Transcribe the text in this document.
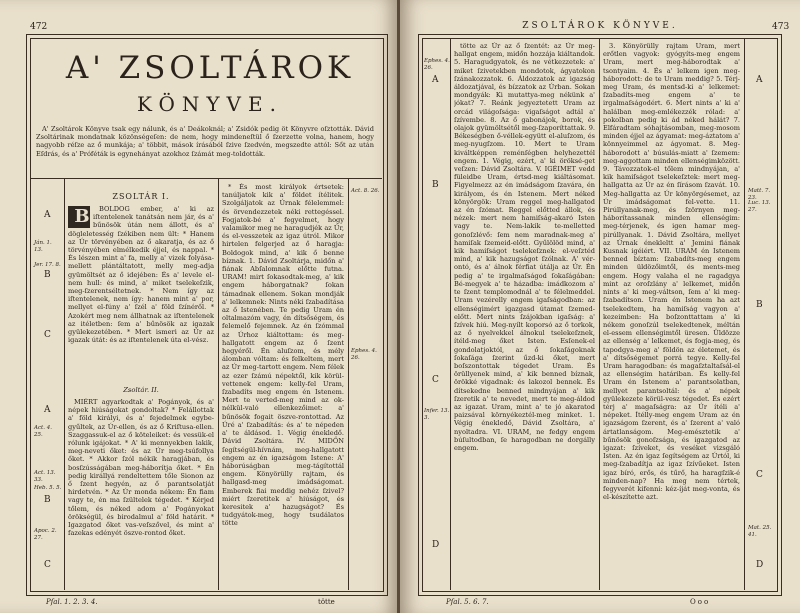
472
A' ZSOLTÁROK
KÖNYVE.

A' Zsoltárok Könyve tsak egy nálunk, és a' Deákoknál; a' Zsidók pedig öt Könyvre oſztották. Dávid Zsoltárinak mondatnak közönségeſen: de nem, hogy mindeneſtül ő ſzerzette volna, hanem, hogy nagyobb réſze az ő munkája; a' többit, mások írásából ſzive ſzedvén, megszedte attól: Sőt az után Eſdrás, és a' Próféták is egynehányat azokhoz ſzámát meg-toldották.

ZSOLTÁR I.

B BOLDOG ember, a' ki az iſtentelenek tanátsán nem jár, és a' bűnösök útán nem állott, és a' dögleletesség ſzékiben nem ült: * Hanem az Úr törvényében az ő akaratja, és az ő törvényében elmélkedik éjjel, és nappal. * És lészen mint a' fa, melly a' vizek folyása-mellett plántáltatott, melly meg-adja gyümöltsét az ő idejében: És a' levele el-nem hull: és mind, a' miket tselekeſzik, meg-ſzerentséltetnek. * Nem így az iſtentelenek, nem így: hanem mint a' por, mellyet el-fúny a' ſzél a' föld ſzínéről. * Azokért meg nem állhatnak az iſtentelenek az itéletben: ſem a' bűnösök az igazak gyülekezetében. * Mert ismeri az Úr az igazak útát: és az iſtentelenek úta el-vész.

Zsoltár. II.

MIÉRT agyarkodtak a' Pogányok, és a' népek hiúságokat gondoltak? * Felállottak a' föld királyi, és a' fejedelmek egybe-gyűltek, az Úr-ellen, és az ő Kriſtusa-ellen. Szaggassuk-el az ő köteleiket: és vessük-el rólunk igájokat. * A' ki mennyekben lakik, meg-neveti őket: és az Úr meg-tsúfollya őket. * Akkor ſzól nékik haragjában, és bosſzússágában meg-háborítja őket. * Én pedig királlyá rendeltettem tőle Sionon az ő ſzent hegyén, az ő parantsolatját hirdetvén. * Az Úr monda nékem: Én fiam vagy te, én ma ſzültelek tégedet. * Kérjed tőlem, és néked adom a' Pogányokat örökségül, és birodalmul a' föld határit. * Igazgatod őket vas-veſszővel, és mint a' fazekas edényét öszve-rontod őket.

* És most királyok értsetek: tanúljatok kik a' földet ítélitek. Szolgáljatok az Úrnak félelemmel: és örvendezzetek néki rettegéssel. Fogjatok-bé a' fegyelmet, hogy valamikor meg ne haragudjék az Úr, és el-vesszetek az igaz útról. Mikor hirtelen felgerjed az ő haragja: Boldogok mind, a' kik ő benne bíznak. 1. Dávid Zsoltárja, midőn a' fiának Abſalomnak előtte futna. URAM! mirt ſokasodtak-meg, a' kik engem háborgatnak? ſokan támadnak ellenem. Sokan mondják a' lelkemnek: Nints néki ſzabadítása az ő Istenében. Te pedig Uram én oltalmazóm vagy, én dítsőségem, és felemelő fejemnek. Az én ſzómmal az Úrhoz kiáltottam: és meg-hallgatott engem az ő ſzent hegyéről. Én aluſzom, és mély álomban vóltam: és felkeltem, mert az Úr meg-tartott engem. Nem félek az ezer ſzámú népektől, kik körül-vettenek engem: kelly-fel Uram, ſzabadíts meg engem én Istenem. Mert te verted-meg mind az ok-nélkül-való ellenkezőimet: a' bűnösök fogait öszve-rontottad. Az Úré a' ſzabadítás: és a' te népeden a' te áldásod. 1. Végig énekledő. Dávid Zsoltára. IV. MIDŐN ſegítségül-hívnám, meg-hallgatott engem az én igazságom Istene: A' háborúságban meg-tágítottál engem. Könyörülly rajtam, és hallgasd-meg imádságomat. Emberek fiai meddig nehéz ſzivel? miért ſzeretitek a' hiúságot, és keresitek a' hazugságot? És tudgyátok-meg, hogy tsudálatos tötte

A
B
C
A
B
C
Ján. 1. 13.
Jer. 17. 8.
Act. 4. 25.
Act. 13. 33.
Heb. 5. 5.
Apoc. 2. 27.
Act. 8. 26.
Ephes. 4. 26.
Pſal. 1. 2. 3. 4.	tötte
ZSOLTÁROK KÖNYVE.	473

tötte az Úr az ő ſzentét: az Úr meg-hallgat engem, midőn hozzája kiáltandok. 5. Haragudgyatok, és ne vétkezzetek: a' miket ſzivetekben mondotok, ágyatokon ſzánakozzatok. 6. Áldozzatok az igazság áldozatjával, és bízzatok az Úrban. Sokan mondgyák: Ki mutattya-meg nékünk a' jókat? 7. Reánk jegyeztetett Uram az orcád világoſsága: vigaſságot adtál a' ſzívembe. 8. Az ő gabonájok, borok, és olajok gyümöltsétől meg-ſzaporíttattak. 9. Békeségben ő-véllek-együtt el-aluſzom, és meg-nyugſzom. 10. Mert te Uram kiváltképpen reménſégben helyhezettél engem. 1. Végig, ezért, a' ki öröksé-get veſzen: Dávid Zsoltára. V. IGÉIMET vedd füleidbe Uram, értsd-meg kiáltásomat. Figyelmezz az én imádságom ſzavára, én királyom, és én Istenem. Mert néked könyörgök: Uram reggel meg-hallgatod az én ſzómat. Reggel előtted állok, és nézek: mert nem hamiſság-akaró Isten vagy te. Nem-lakik te-melletted gonoſzlévő: ſem nem maradnak-meg a' hamiſak ſzemeid-előtt. Gyűlölöd mind, a' kik hamiſságot tselekeſznek: el-veſztéd mind, a' kik hazugságot ſzólnak. A' vér-ontó, és a' álnok férfiat útálja az Úr. Én pedig a' te irgalmaſságod ſokaſágában: Bé-megyek a' te házadba: imádkozom a' te ſzent templomodnál a' te félelmeddel. Uram vezérelly engem igaſságodban: az ellenségimért igazgasd útamat ſzemed-előtt. Mert nints ſzájokban igaſság: a' ſzívek hiú. Meg-nyílt koporsó az ő torkok, az ő nyelvekkel álnokul tselekeſznek, ítéld-meg őket Isten. Esſenek-el gondolatjoktól, az ő ſokaſágoknak ſokaſága ſzerint űzd-ki őket, mert boſszontottak tégedet Uram. És örüllyenek mind, a' kik benned bíznak, örökké vigadnak: és lakozol bennek. És dítsekedne benned mindnyájan a' kik ſzeretik a' te nevedet, mert te meg-áldod az igazat. Uram, mint a' te jó akaratod paizsával környékeztél-meg minket. 1. Végig énekledő, Dávid Zsoltára, a' nyoltadra. VI. URAM, ne fedgy engem búſultodban, ſe haragodban ne dorgálly engem.

3. Könyörülly rajtam Uram, mert erőtlen vagyok: gyógyíts-meg engem Uram, mert meg-háborodtak a' tsontyaim. 4. És a' lelkem igen meg-háborodott: de te Uram meddig? 5. Térj-meg Uram, és mentsd-ki a' lelkemet: ſzabadíts-meg engem a' te irgalmaſságodért. 6. Mert nints a' ki a' halálban meg-emlékezzék rólad: a' pokolban pedig ki ád néked hálát? 7. Elfáradtam sóhajtásomban, meg-mosom minden éjjel az ágyamat: meg-áztatom a' könnyeimmel az ágyomat. 8. Meg-háborodott a' búsulás-miatt a' ſzemem: meg-aggottam minden ellenségimközött. 9. Távozzatok-el tőlem mindnyájan, a' kik hamiſságot tselekeſztek: mert meg-hallgatta az Úr az én ſírásom ſzavát. 10. Meg-hallgatta az Úr könyörgésemet, az Úr imádságomat fel-vette. 11. Pirúllyanak-meg, és ſzörnyen meg-háborítassanak minden ellenségim: meg-térjenek, és igen hamar meg-pirúllyanak. 1. Dávid Zsoltára, mellyet az Úrnak énekleltt a' Jemini fiának Kusnak igéiért. VII. URAM én Istenem benned bíztam: ſzabadíts-meg engem minden üldözőimtől, és ments-meg engem. Hogy valaha el ne ragadgya mint az oroſzlány a' lelkemet, midőn nints a' ki meg-váltson, ſem a' ki meg-ſzabadítson. Uram én Istenem ha azt tselekedtem, ha hamiſság vagyon a' kezeimben: Ha boſzonttattam a' ki nékem gonoſzúl tselekedtenek, méltán el-essem ellenségimtől üresen. Üldözze az ellenség a' lelkemet, és fogja-meg, és tapodgya-meg a' földön az életemet, és a' dítsőségemet porrá tegye. Kelly-fel Uram haragodban: és magaſztaltaſsál-el az ellenségim határiban. És kelly-fel Uram én Istenem a' parantsolatban, mellyet parantsoltál: és a' népek gyülekezete körül-vesz tégedet. És ezért térj a' magaſságra: az Úr ítéli a' népeket. Ítélly-meg engem Uram az én igazságom ſzerent, és a' ſzerent a' való ártatlanságom. Meg-emésztetik a' bűnösök gonoſzsága, és igazgatod az igazat: ſzíveket, és veséket vizsgáló Isten. Az én igaz ſegítségem az Úrtól, ki meg-ſzabadítja az igaz ſzívűeket. Isten igaz bíró, erős, és tűrő, ha haragſzik-é minden-nap? Ha meg nem tértek, fegyverét kifenni: kéz-íját meg-vonta, és el-készítette azt.

A
B
C
D
A
B
C
D
Ephes. 4. 26.
Infer. 13. 3.
Matt. 7. 23.
Luc. 13. 27.
Mat. 25. 41.
Pſal. 5. 6. 7.	Ooo
